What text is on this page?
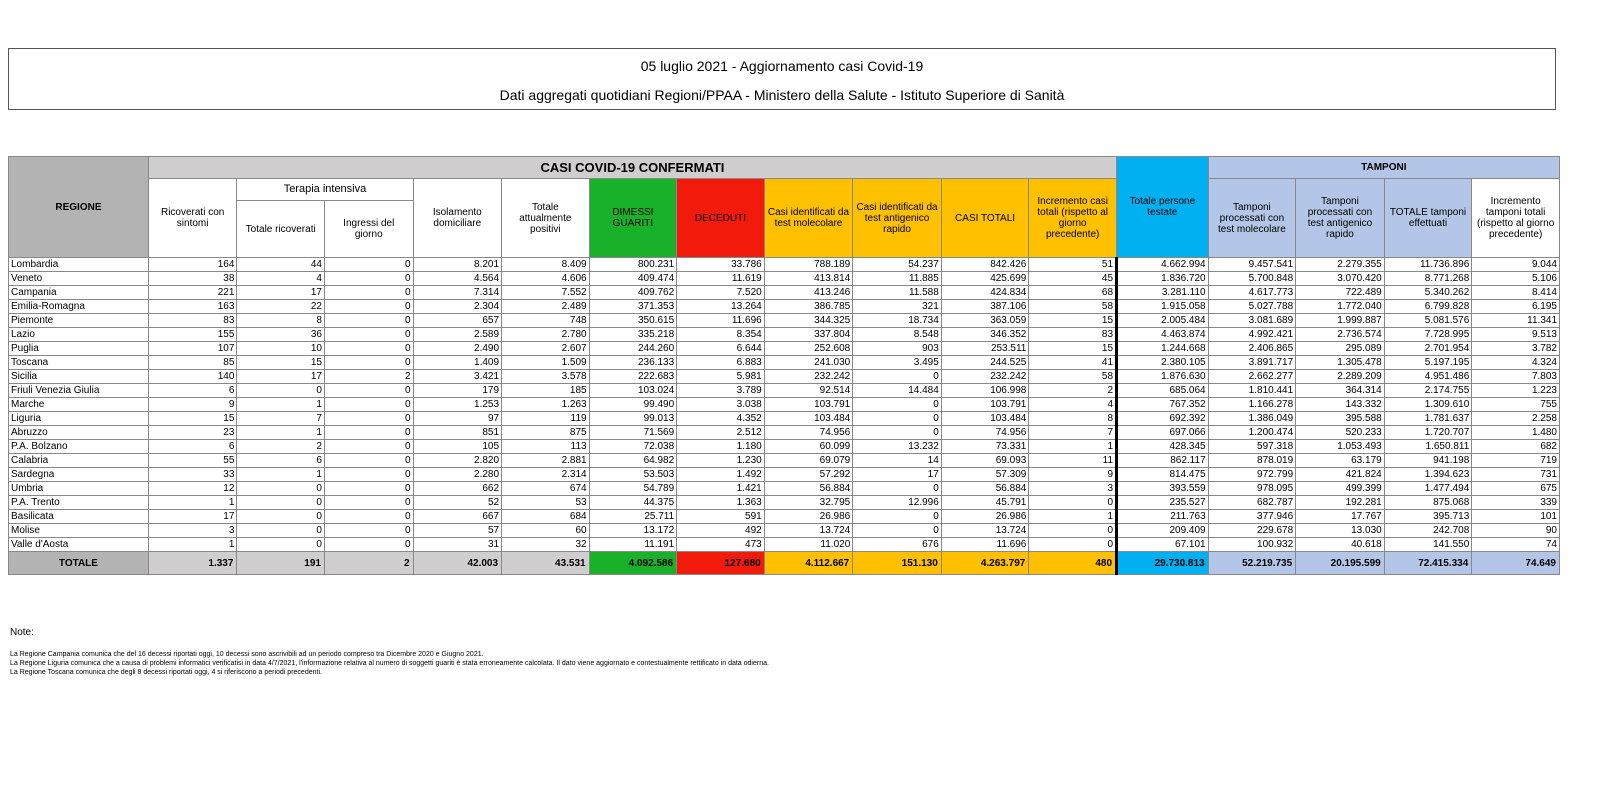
05 luglio 2021 - Aggiornamento casi Covid-19
Dati aggregati quotidiani Regioni/PPAA - Ministero della Salute - Istituto Superiore di Sanità
REGIONE	CASI COVID-19 CONFERMATI											Totale persone testate	TAMPONI			
	Ricoverati con sintomi	Terapia intensiva		Isolamento domiciliare	Totale attualmente positivi	DIMESSI GUARITI	DECEDUTI	Casi identificati da test molecolare	Casi identificati da test antigenico rapido	CASI TOTALI	Incremento casi totali (rispetto al giorno precedente)		Tamponi processati con test molecolare	Tamponi processati con test antigenico rapido	TOTALE tamponi effettuati	Incremento tamponi totali (rispetto al giorno precedente)
		Totale ricoverati	Ingressi del giorno													
Lombardia	164	44	0	8.201	8.409	800.231	33.786	788.189	54.237	842.426	51	4.662.994	9.457.541	2.279.355	11.736.896	9.044
Veneto	38	4	0	4.564	4.606	409.474	11.619	413.814	11.885	425.699	45	1.836.720	5.700.848	3.070.420	8.771.268	5.106
Campania	221	17	0	7.314	7.552	409.762	7.520	413.246	11.588	424.834	68	3.281.110	4.617.773	722.489	5.340.262	8.414
Emilia-Romagna	163	22	0	2.304	2.489	371.353	13.264	386.785	321	387.106	58	1.915.058	5.027.788	1.772.040	6.799.828	6.195
Piemonte	83	8	0	657	748	350.615	11.696	344.325	18.734	363.059	15	2.005.484	3.081.689	1.999.887	5.081.576	11.341
Lazio	155	36	0	2.589	2.780	335.218	8.354	337.804	8.548	346.352	83	4.463.874	4.992.421	2.736.574	7.728.995	9.513
Puglia	107	10	0	2.490	2.607	244.260	6.644	252.608	903	253.511	15	1.244.668	2.406.865	295.089	2.701.954	3.782
Toscana	85	15	0	1.409	1.509	236.133	6.883	241.030	3.495	244.525	41	2.380.105	3.891.717	1.305.478	5.197.195	4.324
Sicilia	140	17	2	3.421	3.578	222.683	5.981	232.242	0	232.242	58	1.876.630	2.662.277	2.289.209	4.951.486	7.803
Friuli Venezia Giulia	6	0	0	179	185	103.024	3.789	92.514	14.484	106.998	2	685.064	1.810.441	364.314	2.174.755	1.223
Marche	9	1	0	1.253	1.263	99.490	3.038	103.791	0	103.791	4	767.352	1.166.278	143.332	1.309.610	755
Liguria	15	7	0	97	119	99.013	4.352	103.484	0	103.484	8	692.392	1.386.049	395.588	1.781.637	2.258
Abruzzo	23	1	0	851	875	71.569	2.512	74.956	0	74.956	7	697.066	1.200.474	520.233	1.720.707	1.480
P.A. Bolzano	6	2	0	105	113	72.038	1.180	60.099	13.232	73.331	1	428.345	597.318	1.053.493	1.650.811	682
Calabria	55	6	0	2.820	2.881	64.982	1.230	69.079	14	69.093	11	862.117	878.019	63.179	941.198	719
Sardegna	33	1	0	2.280	2.314	53.503	1.492	57.292	17	57.309	9	814.475	972.799	421.824	1.394.623	731
Umbria	12	0	0	662	674	54.789	1.421	56.884	0	56.884	3	393.559	978.095	499.399	1.477.494	675
P.A. Trento	1	0	0	52	53	44.375	1.363	32.795	12.996	45.791	0	235.527	682.787	192.281	875.068	339
Basilicata	17	0	0	667	684	25.711	591	26.986	0	26.986	1	211.763	377.946	17.767	395.713	101
Molise	3	0	0	57	60	13.172	492	13.724	0	13.724	0	209.409	229.678	13.030	242.708	90
Valle d'Aosta	1	0	0	31	32	11.191	473	11.020	676	11.696	0	67.101	100.932	40.618	141.550	74
TOTALE	1.337	191	2	42.003	43.531	4.092.586	127.680	4.112.667	151.130	4.263.797	480	29.730.813	52.219.735	20.195.599	72.415.334	74.649
Note:
La Regione Campania comunica che del 16 decessi riportati oggi, 10 decessi sono ascrivibili ad un periodo compreso tra Dicembre 2020 e Giugno 2021.
La Regione Liguria comunica che a causa di problemi informatici verificatisi in data 4/7/2021, l'informazione relativa al numero di soggetti guariti è stata erroneamente calcolata. Il dato viene aggiornato e contestualmente rettificato in data odierna.
La Regione Toscana comunica che degli 8 decessi riportati oggi, 4 si riferiscono a periodi precedenti.
